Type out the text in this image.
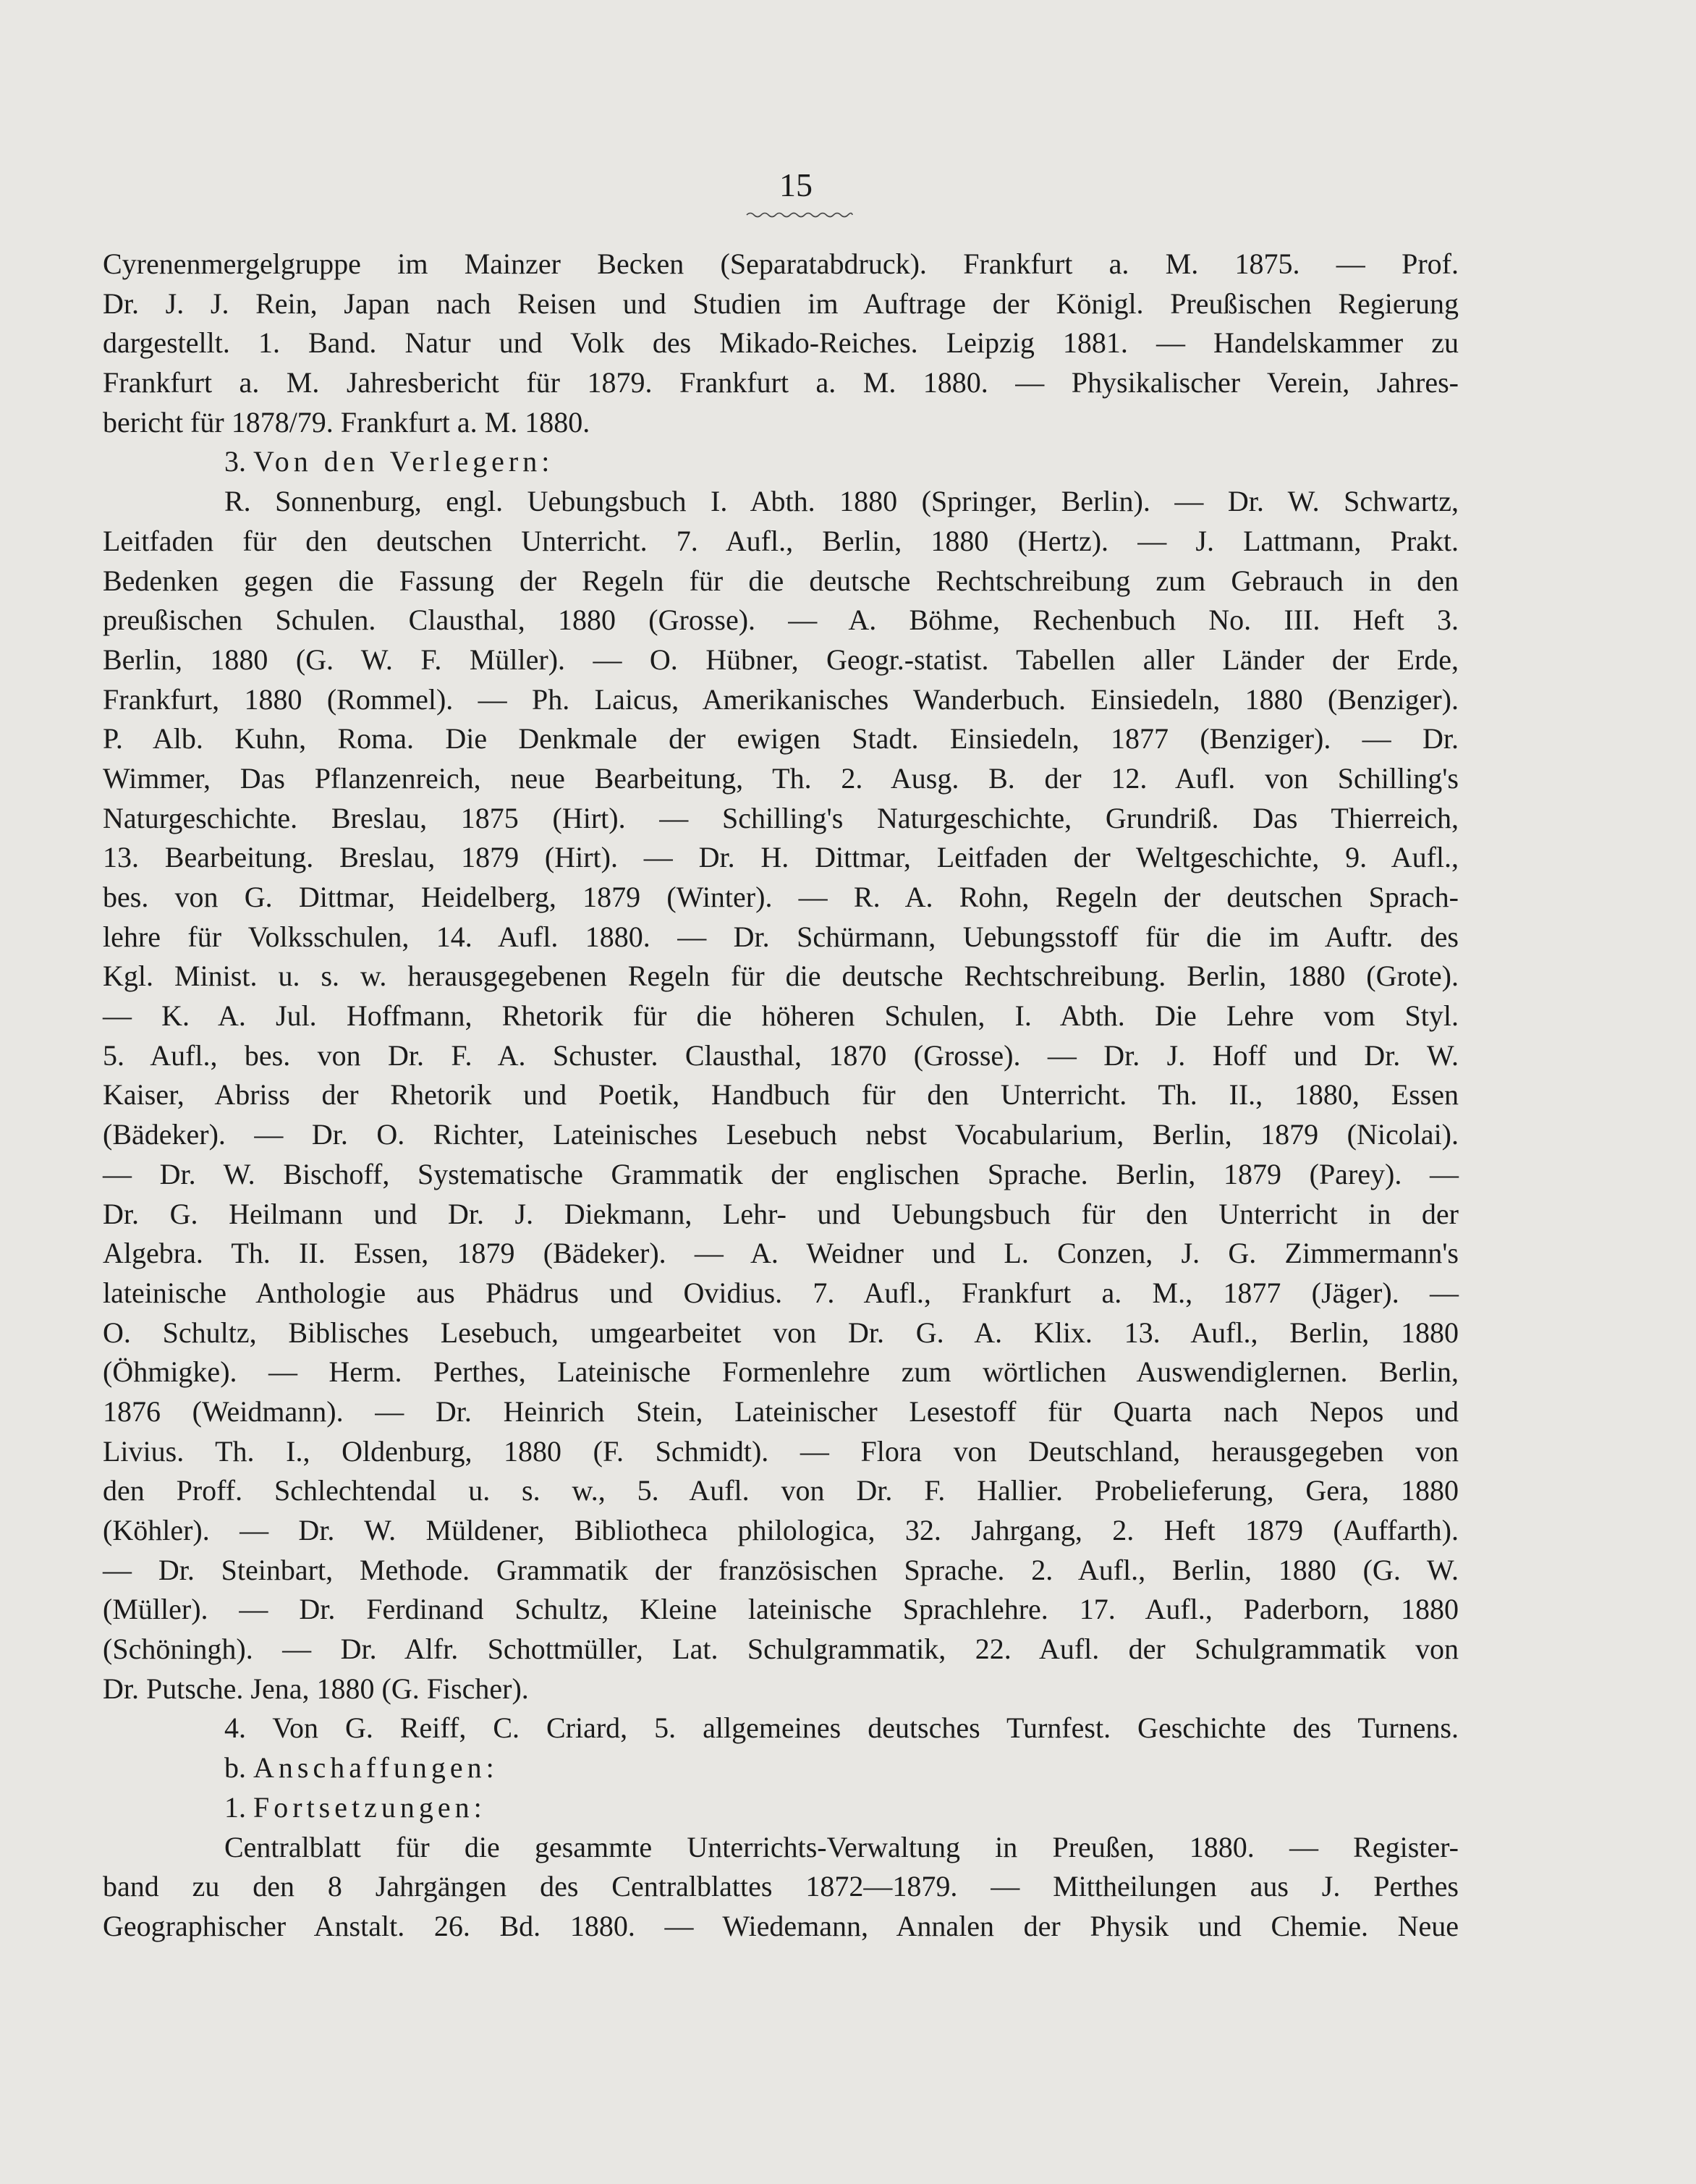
15
Cyrenenmergelgruppe im Mainzer Becken (Separatabdruck). Frankfurt a. M. 1875. — Prof.
Dr. J. J. Rein, Japan nach Reisen und Studien im Auftrage der Königl. Preußischen Regierung
dargestellt. 1. Band. Natur und Volk des Mikado-Reiches. Leipzig 1881. — Handelskammer zu
Frankfurt a. M. Jahresbericht für 1879. Frankfurt a. M. 1880. — Physikalischer Verein, Jahres-
bericht für 1878/79. Frankfurt a. M. 1880.
3. Von den Verlegern:
R. Sonnenburg, engl. Uebungsbuch I. Abth. 1880 (Springer, Berlin). — Dr. W. Schwartz,
Leitfaden für den deutschen Unterricht. 7. Aufl., Berlin, 1880 (Hertz). — J. Lattmann, Prakt.
Bedenken gegen die Fassung der Regeln für die deutsche Rechtschreibung zum Gebrauch in den
preußischen Schulen. Clausthal, 1880 (Grosse). — A. Böhme, Rechenbuch No. III. Heft 3.
Berlin, 1880 (G. W. F. Müller). — O. Hübner, Geogr.-statist. Tabellen aller Länder der Erde,
Frankfurt, 1880 (Rommel). — Ph. Laicus, Amerikanisches Wanderbuch. Einsiedeln, 1880 (Benziger).
P. Alb. Kuhn, Roma. Die Denkmale der ewigen Stadt. Einsiedeln, 1877 (Benziger). — Dr.
Wimmer, Das Pflanzenreich, neue Bearbeitung, Th. 2. Ausg. B. der 12. Aufl. von Schilling's
Naturgeschichte. Breslau, 1875 (Hirt). — Schilling's Naturgeschichte, Grundriß. Das Thierreich,
13. Bearbeitung. Breslau, 1879 (Hirt). — Dr. H. Dittmar, Leitfaden der Weltgeschichte, 9. Aufl.,
bes. von G. Dittmar, Heidelberg, 1879 (Winter). — R. A. Rohn, Regeln der deutschen Sprach-
lehre für Volksschulen, 14. Aufl. 1880. — Dr. Schürmann, Uebungsstoff für die im Auftr. des
Kgl. Minist. u. s. w. herausgegebenen Regeln für die deutsche Rechtschreibung. Berlin, 1880 (Grote).
— K. A. Jul. Hoffmann, Rhetorik für die höheren Schulen, I. Abth. Die Lehre vom Styl.
5. Aufl., bes. von Dr. F. A. Schuster. Clausthal, 1870 (Grosse). — Dr. J. Hoff und Dr. W.
Kaiser, Abriss der Rhetorik und Poetik, Handbuch für den Unterricht. Th. II., 1880, Essen
(Bädeker). — Dr. O. Richter, Lateinisches Lesebuch nebst Vocabularium, Berlin, 1879 (Nicolai).
— Dr. W. Bischoff, Systematische Grammatik der englischen Sprache. Berlin, 1879 (Parey). —
Dr. G. Heilmann und Dr. J. Diekmann, Lehr- und Uebungsbuch für den Unterricht in der
Algebra. Th. II. Essen, 1879 (Bädeker). — A. Weidner und L. Conzen, J. G. Zimmermann's
lateinische Anthologie aus Phädrus und Ovidius. 7. Aufl., Frankfurt a. M., 1877 (Jäger). —
O. Schultz, Biblisches Lesebuch, umgearbeitet von Dr. G. A. Klix. 13. Aufl., Berlin, 1880
(Öhmigke). — Herm. Perthes, Lateinische Formenlehre zum wörtlichen Auswendiglernen. Berlin,
1876 (Weidmann). — Dr. Heinrich Stein, Lateinischer Lesestoff für Quarta nach Nepos und
Livius. Th. I., Oldenburg, 1880 (F. Schmidt). — Flora von Deutschland, herausgegeben von
den Proff. Schlechtendal u. s. w., 5. Aufl. von Dr. F. Hallier. Probelieferung, Gera, 1880
(Köhler). — Dr. W. Müldener, Bibliotheca philologica, 32. Jahrgang, 2. Heft 1879 (Auffarth).
— Dr. Steinbart, Methode. Grammatik der französischen Sprache. 2. Aufl., Berlin, 1880 (G. W.
(Müller). — Dr. Ferdinand Schultz, Kleine lateinische Sprachlehre. 17. Aufl., Paderborn, 1880
(Schöningh). — Dr. Alfr. Schottmüller, Lat. Schulgrammatik, 22. Aufl. der Schulgrammatik von
Dr. Putsche. Jena, 1880 (G. Fischer).
4. Von G. Reiff, C. Criard, 5. allgemeines deutsches Turnfest. Geschichte des Turnens.
b. Anschaffungen:
1. Fortsetzungen:
Centralblatt für die gesammte Unterrichts-Verwaltung in Preußen, 1880. — Register-
band zu den 8 Jahrgängen des Centralblattes 1872—1879. — Mittheilungen aus J. Perthes
Geographischer Anstalt. 26. Bd. 1880. — Wiedemann, Annalen der Physik und Chemie. Neue
